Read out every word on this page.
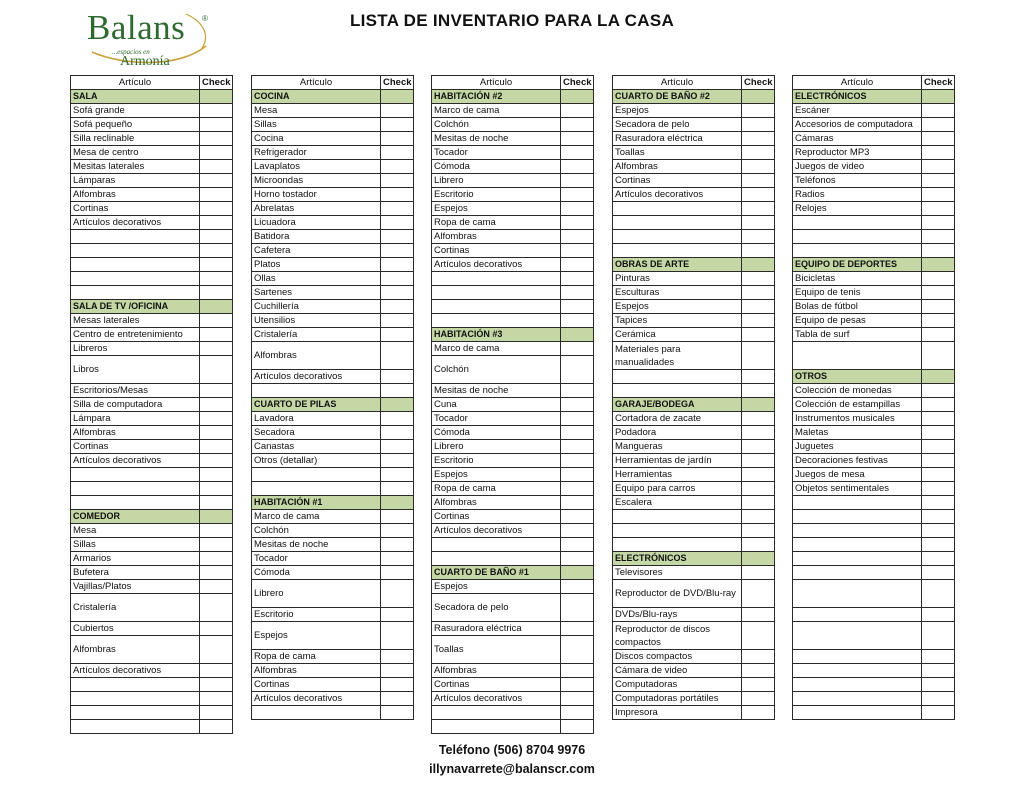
Balans ®
...espacios en
Armonía
LISTA DE INVENTARIO PARA LA CASA
Artículo	Check
SALA	
Sofá grande	
Sofá pequeño	
Silla reclinable	
Mesa de centro	
Mesitas laterales	
Lámparas	
Alfombras	
Cortinas	
Artículos decorativos	

SALA DE TV /OFICINA	
Mesas laterales	
Centro de entretenimiento	
Libreros	
Libros	
Escritorios/Mesas	
Silla de computadora	
Lámpara	
Alfombras	
Cortinas	
Artículos decorativos	

COMEDOR	
Mesa	
Sillas	
Armarios	
Bufetera	
Vajillas/Platos	
Cristalería	
Cubiertos	
Alfombras	
Artículos decorativos	

Artículo	Check
COCINA	
Mesa	
Sillas	
Cocina	
Refrigerador	
Lavaplatos	
Microondas	
Horno tostador	
Abrelatas	
Licuadora	
Batidora	
Cafetera	
Platos	
Ollas	
Sartenes	
Cuchillería	
Utensilios	
Cristalería	
Alfombras	
Artículos decorativos	

CUARTO DE PILAS	
Lavadora	
Secadora	
Canastas	
Otros (detallar)	

HABITACIÓN #1	
Marco de cama	
Colchón	
Mesitas de noche	
Tocador	
Cómoda	
Librero	
Escritorio	
Espejos	
Ropa de cama	
Alfombras	
Cortinas	
Artículos decorativos	

Artículo	Check
HABITACIÓN #2	
Marco de cama	
Colchón	
Mesitas de noche	
Tocador	
Cómoda	
Librero	
Escritorio	
Espejos	
Ropa de cama	
Alfombras	
Cortinas	
Artículos decorativos	

HABITACIÓN #3	
Marco de cama	
Colchón	
Mesitas de noche	
Cuna	
Tocador	
Cómoda	
Librero	
Escritorio	
Espejos	
Ropa de cama	
Alfombras	
Cortinas	
Artículos decorativos	

CUARTO DE BAÑO #1	
Espejos	
Secadora de pelo	
Rasuradora eléctrica	
Toallas	
Alfombras	
Cortinas	
Artículos decorativos	

Artículo	Check
CUARTO DE BAÑO #2	
Espejos	
Secadora de pelo	
Rasuradora eléctrica	
Toallas	
Alfombras	
Cortinas	
Artículos decorativos	

OBRAS DE ARTE	
Pinturas	
Esculturas	
Espejos	
Tapices	
Cerámica	
Materiales para manualidades	

GARAJE/BODEGA	
Cortadora de zacate	
Podadora	
Mangueras	
Herramientas de jardín	
Herramientas	
Equipo para carros	
Escalera	

ELECTRÓNICOS	
Televisores	
Reproductor de DVD/Blu-ray	
DVDs/Blu-rays	
Reproductor de discos compactos	
Discos compactos	
Cámara de video	
Computadoras	
Computadoras portátiles	
Impresora	
Artículo	Check
ELECTRÓNICOS	
Escáner	
Accesorios de computadora	
Cámaras	
Reproductor MP3	
Juegos de video	
Teléfonos	
Radios	
Relojes	

EQUIPO DE DEPORTES	
Bicicletas	
Equipo de tenis	
Bolas de fútbol	
Equipo de pesas	
Tabla de surf	

OTROS	
Colección de monedas	
Colección de estampillas	
Instrumentos musicales	
Maletas	
Juguetes	
Decoraciones festivas	
Juegos de mesa	
Objetos sentimentales	

Teléfono (506) 8704 9976
illynavarrete@balanscr.com
